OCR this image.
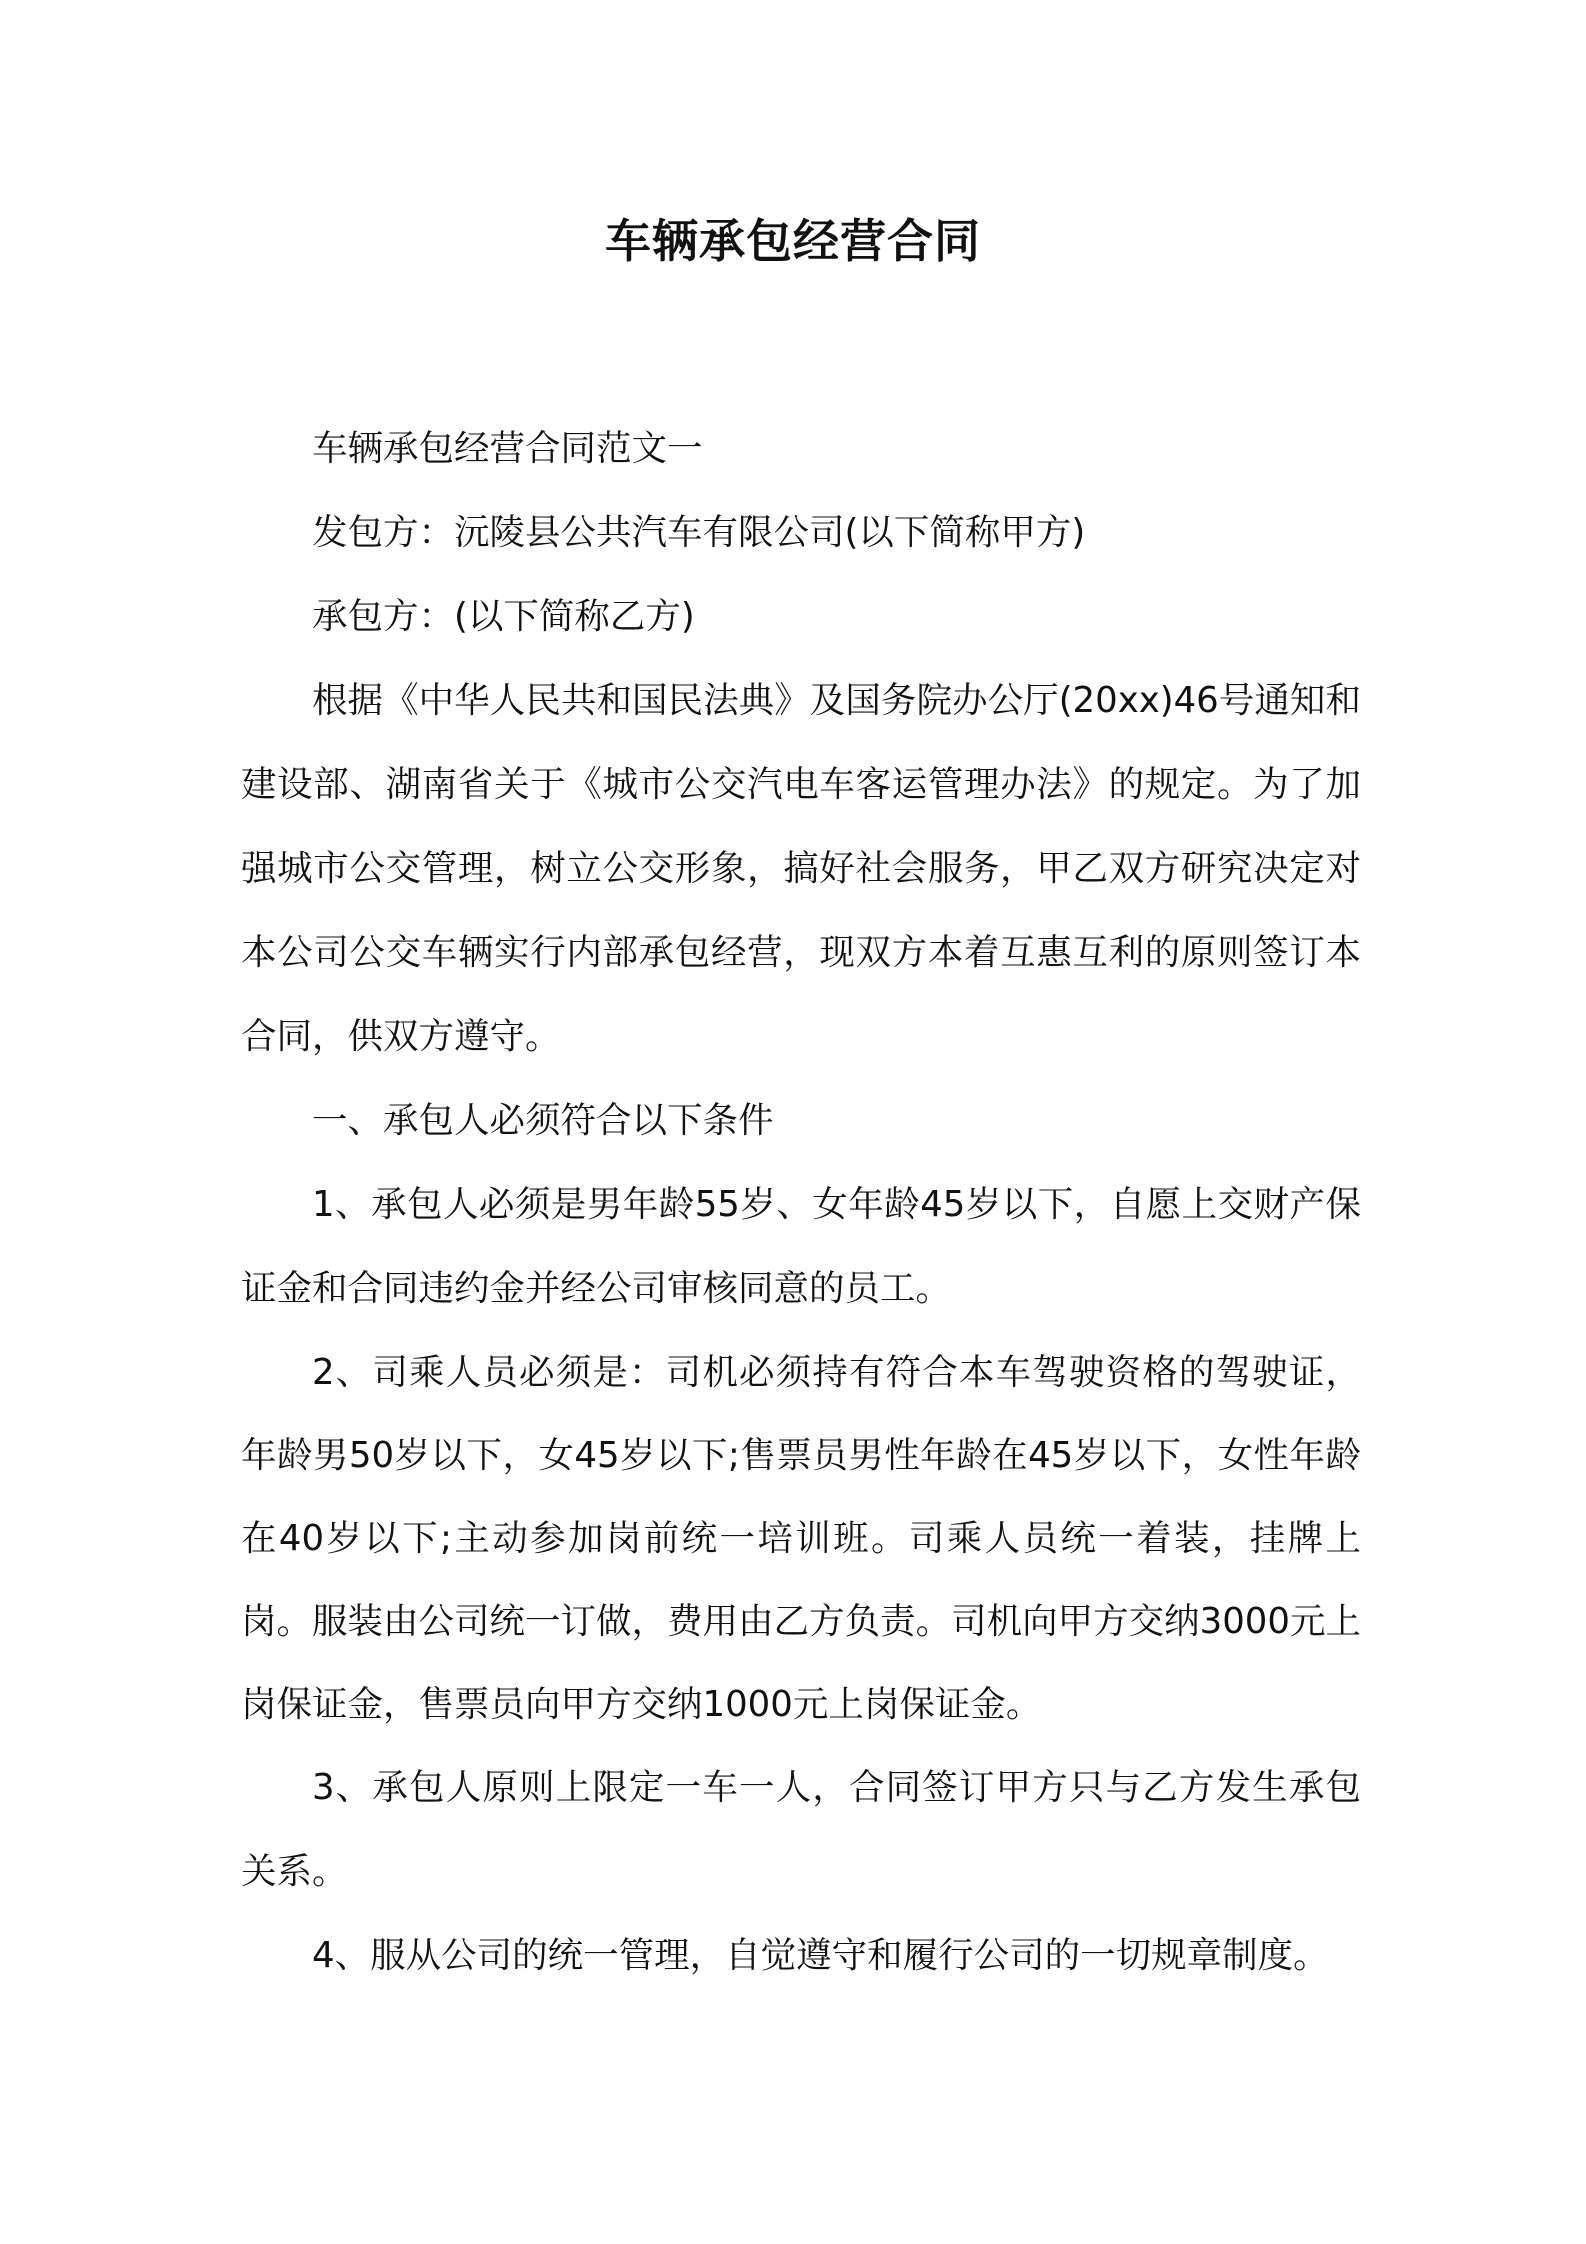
车辆承包经营合同

车辆承包经营合同范文一

发包方：沅陵县公共汽车有限公司(以下简称甲方)

承包方：(以下简称乙方)

根据《中华人民共和国民法典》及国务院办公厅(20xx)46号通知和建设部、湖南省关于《城市公交汽电车客运管理办法》的规定。为了加强城市公交管理，树立公交形象，搞好社会服务，甲乙双方研究决定对本公司公交车辆实行内部承包经营，现双方本着互惠互利的原则签订本合同，供双方遵守。

一、承包人必须符合以下条件

1、承包人必须是男年龄55岁、女年龄45岁以下，自愿上交财产保证金和合同违约金并经公司审核同意的员工。

2、司乘人员必须是：司机必须持有符合本车驾驶资格的驾驶证，年龄男50岁以下，女45岁以下;售票员男性年龄在45岁以下，女性年龄在40岁以下;主动参加岗前统一培训班。司乘人员统一着装，挂牌上岗。服装由公司统一订做，费用由乙方负责。司机向甲方交纳3000元上岗保证金，售票员向甲方交纳1000元上岗保证金。

3、承包人原则上限定一车一人，合同签订甲方只与乙方发生承包关系。

4、服从公司的统一管理，自觉遵守和履行公司的一切规章制度。
